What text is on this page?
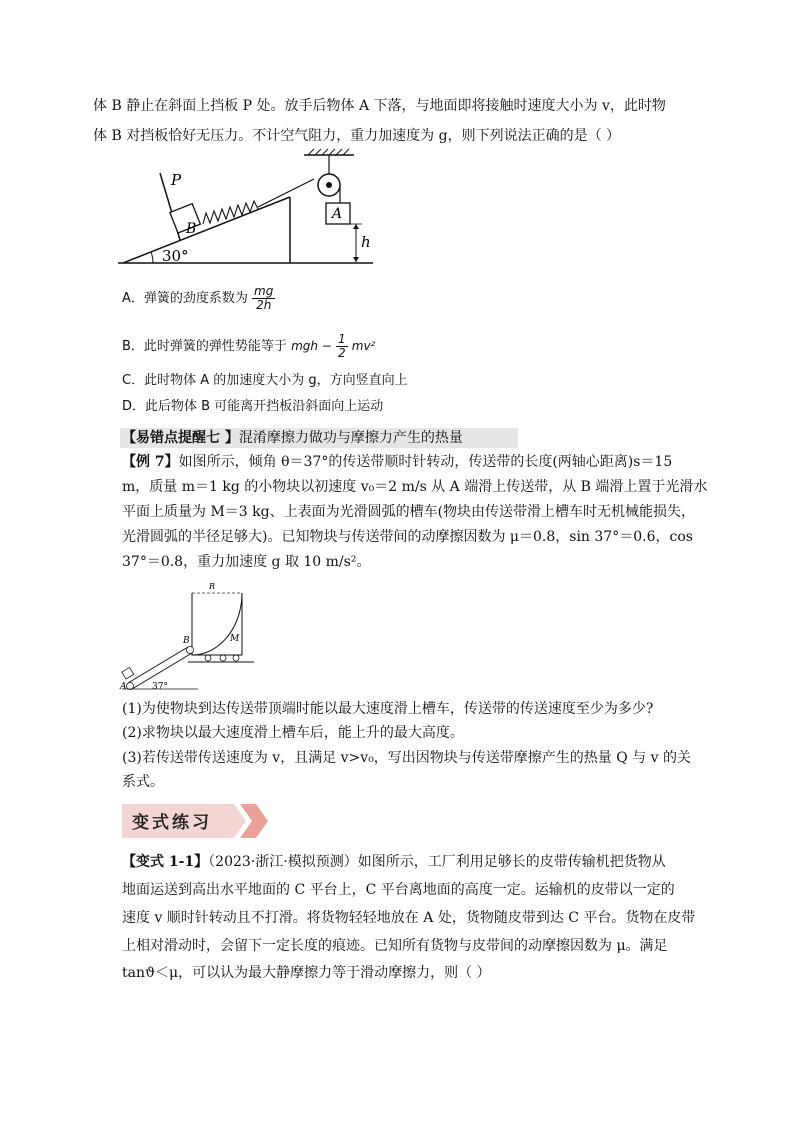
体 B 静止在斜面上挡板 P 处。放手后物体 A 下落，与地面即将接触时速度大小为 v，此时物
体 B 对挡板恰好无压力。不计空气阻力，重力加速度为 g，则下列说法正确的是（ ）
P
B
A
h
30°
A．弹簧的劲度系数为 $\frac{mg}{2h}$
B．此时弹簧的弹性势能等于 mgh − $\frac{1}{2} mv^2$
C．此时物体 A 的加速度大小为 g，方向竖直向上
D．此后物体 B 可能离开挡板沿斜面向上运动
【易错点提醒七 】混淆摩擦力做功与摩擦力产生的热量
【例 7】如图所示，倾角 θ＝37°的传送带顺时针转动，传送带的长度(两轴心距离)s＝15
m，质量 m＝1 kg 的小物块以初速度 v₀＝2 m/s 从 A 端滑上传送带，从 B 端滑上置于光滑水
平面上质量为 M＝3 kg、上表面为光滑圆弧的槽车(物块由传送带滑上槽车时无机械能损失，
光滑圆弧的半径足够大)。已知物块与传送带间的动摩擦因数为 μ＝0.8，sin 37°＝0.6，cos
37°＝0.8，重力加速度 g 取 10 m/s²。
R
B	M
A	37°
(1)为使物块到达传送带顶端时能以最大速度滑上槽车，传送带的传送速度至少为多少?
(2)求物块以最大速度滑上槽车后，能上升的最大高度。
(3)若传送带传送速度为 v，且满足 v>v₀，写出因物块与传送带摩擦产生的热量 Q 与 v 的关
系式。
变式练习
【变式 1-1】（2023·浙江·模拟预测）如图所示，工厂利用足够长的皮带传输机把货物从
地面运送到高出水平地面的 C 平台上，C 平台离地面的高度一定。运输机的皮带以一定的
速度 v 顺时针转动且不打滑。将货物轻轻地放在 A 处，货物随皮带到达 C 平台。货物在皮带
上相对滑动时，会留下一定长度的痕迹。已知所有货物与皮带间的动摩擦因数为 μ。满足
tanϑ＜μ，可以认为最大静摩擦力等于滑动摩擦力，则（ ）
